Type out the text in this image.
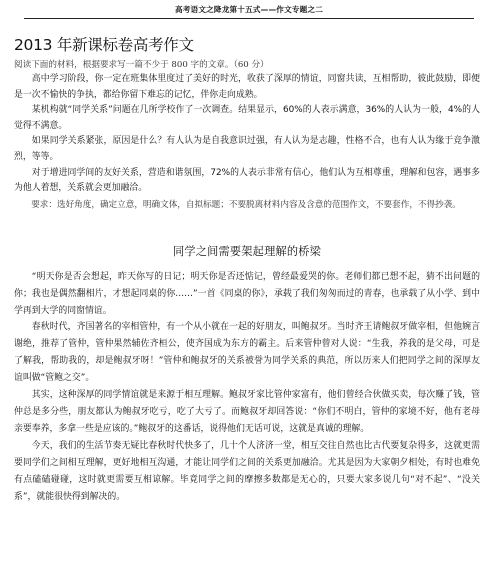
高考语文之降龙第十五式——作文专题之二
2013 年新课标卷高考作文

阅读下面的材料，根据要求写一篇不少于 800 字的文章。（60 分）

高中学习阶段，你一定在班集体里度过了美好的时光，收获了深厚的情谊，同窗共读，互相帮助，彼此鼓励，即便是一次不愉快的争执，都给你留下难忘的记忆，伴你走向成熟。

某机构就“同学关系”问题在几所学校作了一次调查。结果显示，60%的人表示满意，36%的人认为一般，4%的人觉得不满意。

如果同学关系紧张，原因是什么？有人认为是自我意识过强，有人认为是志趣，性格不合，也有人认为缘于竞争激烈，等等。

对于增进同学间的友好关系，营造和谐氛围，72%的人表示非常有信心，他们认为互相尊重，理解和包容，遇事多为他人着想，关系就会更加融洽。

要求：选好角度，确定立意，明确文体，自拟标题；不要脱离材料内容及含意的范围作文，不要套作，不得抄袭。

同学之间需要架起理解的桥梁

“明天你是否会想起，昨天你写的日记；明天你是否还惦记，曾经最爱哭的你。老师们都已想不起，猜不出问题的你；我也是偶然翻相片，才想起同桌的你……”一首《同桌的你》，承载了我们匆匆而过的青春，也承载了从小学、到中学再到大学的同窗情谊。

春秋时代，齐国著名的宰相管仲，有一个从小就在一起的好朋友，叫鲍叔牙。当时齐王请鲍叔牙做宰相，但他婉言谢绝，推荐了管仲，管仲果然辅佐齐桓公，使齐国成为东方的霸主。后来管仲曾对人说：“生我，养我的是父母，可是了解我，帮助我的，却是鲍叔牙呀！”管仲和鲍叔牙的关系被誉为同学关系的典范，所以历来人们把同学之间的深厚友谊叫做“管鲍之交”。

其实，这种深厚的同学情谊就是来源于相互理解。鲍叔牙家比管仲家富有，他们曾经合伙做买卖，每次赚了钱，管仲总是多分些，朋友都认为鲍叔牙吃亏，吃了大亏了。而鲍叔牙却回答说：“你们不明白，管仲的家境不好，他有老母亲要奉养，多拿一些是应该的。”鲍叔牙的这番话，说得他们无话可说，这就是真诚的理解。

今天，我们的生活节奏无疑比春秋时代快多了，几十个人济济一堂，相互交往自然也比古代要复杂得多，这就更需要同学们之间相互理解，更好地相互沟通，才能让同学们之间的关系更加融洽。尤其是因为大家朝夕相处，有时也难免有点磕磕碰碰，这时就更需要互相谅解。毕竟同学之间的摩擦多数都是无心的，只要大家多说几句“对不起”、“没关系”，就能很快得到解决的。
